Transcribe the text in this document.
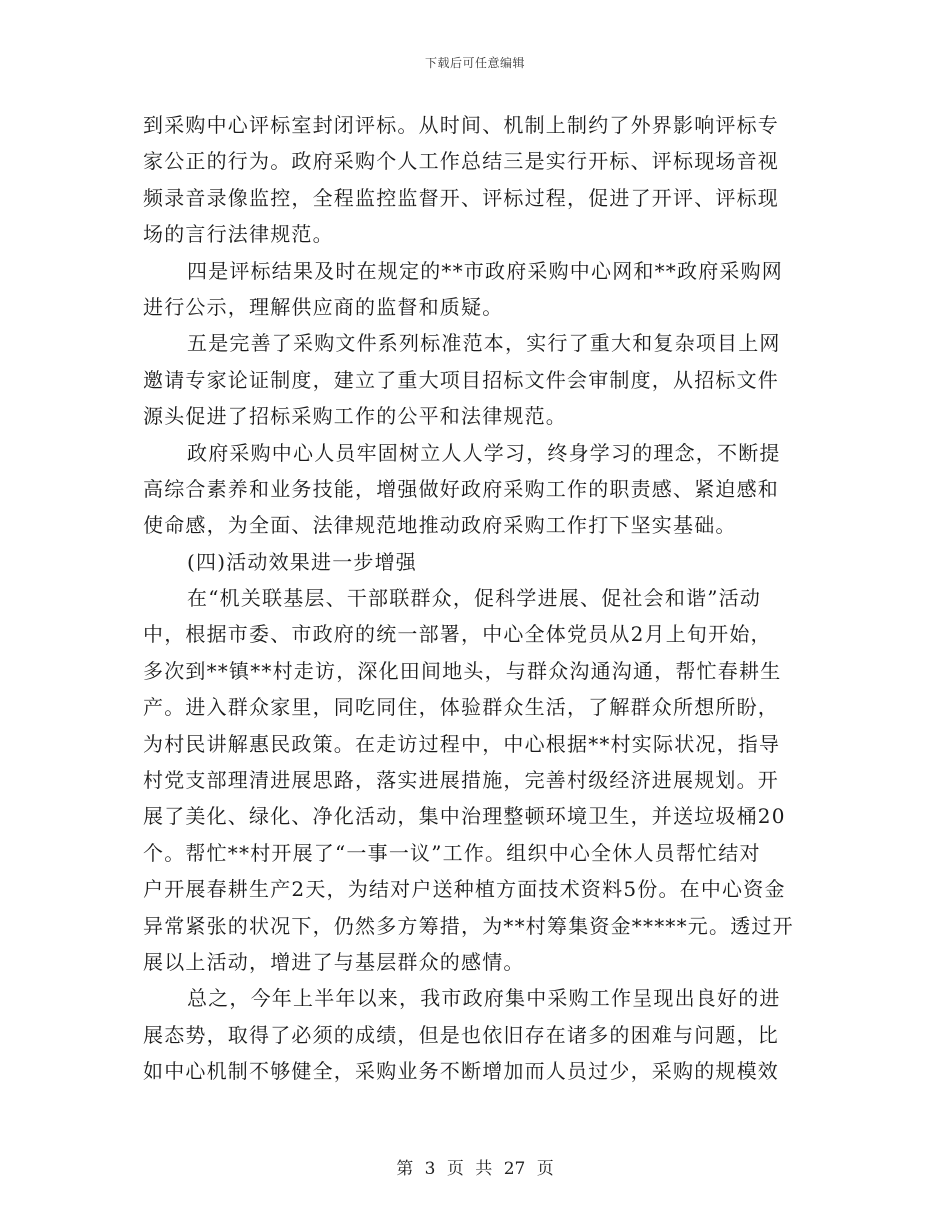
下载后可任意编辑
到采购中心评标室封闭评标。从时间、机制上制约了外界影响评标专
家公正的行为。政府采购个人工作总结三是实行开标、评标现场音视
频录音录像监控，全程监控监督开、评标过程，促进了开评、评标现
场的言行法律规范。
四是评标结果及时在规定的**市政府采购中心网和**政府采购网
进行公示，理解供应商的监督和质疑。
五是完善了采购文件系列标准范本，实行了重大和复杂项目上网
邀请专家论证制度，建立了重大项目招标文件会审制度，从招标文件
源头促进了招标采购工作的公平和法律规范。
政府采购中心人员牢固树立人人学习，终身学习的理念，不断提
高综合素养和业务技能，增强做好政府采购工作的职责感、紧迫感和
使命感，为全面、法律规范地推动政府采购工作打下坚实基础。
(四)活动效果进一步增强
在“机关联基层、干部联群众，促科学进展、促社会和谐”活动
中，根据市委、市政府的统一部署，中心全体党员从2月上旬开始，
多次到**镇**村走访，深化田间地头，与群众沟通沟通，帮忙春耕生
产。进入群众家里，同吃同住，体验群众生活，了解群众所想所盼，
为村民讲解惠民政策。在走访过程中，中心根据**村实际状况，指导
村党支部理清进展思路，落实进展措施，完善村级经济进展规划。开
展了美化、绿化、净化活动，集中治理整顿环境卫生，并送垃圾桶20
个。帮忙**村开展了“一事一议”工作。组织中心全休人员帮忙结对
户开展春耕生产2天，为结对户送种植方面技术资料5份。在中心资金
异常紧张的状况下，仍然多方筹措，为**村筹集资金*****元。透过开
展以上活动，增进了与基层群众的感情。
总之，今年上半年以来，我市政府集中采购工作呈现出良好的进
展态势，取得了必须的成绩，但是也依旧存在诸多的困难与问题，比
如中心机制不够健全，采购业务不断增加而人员过少，采购的规模效
第 3 页 共 27 页
